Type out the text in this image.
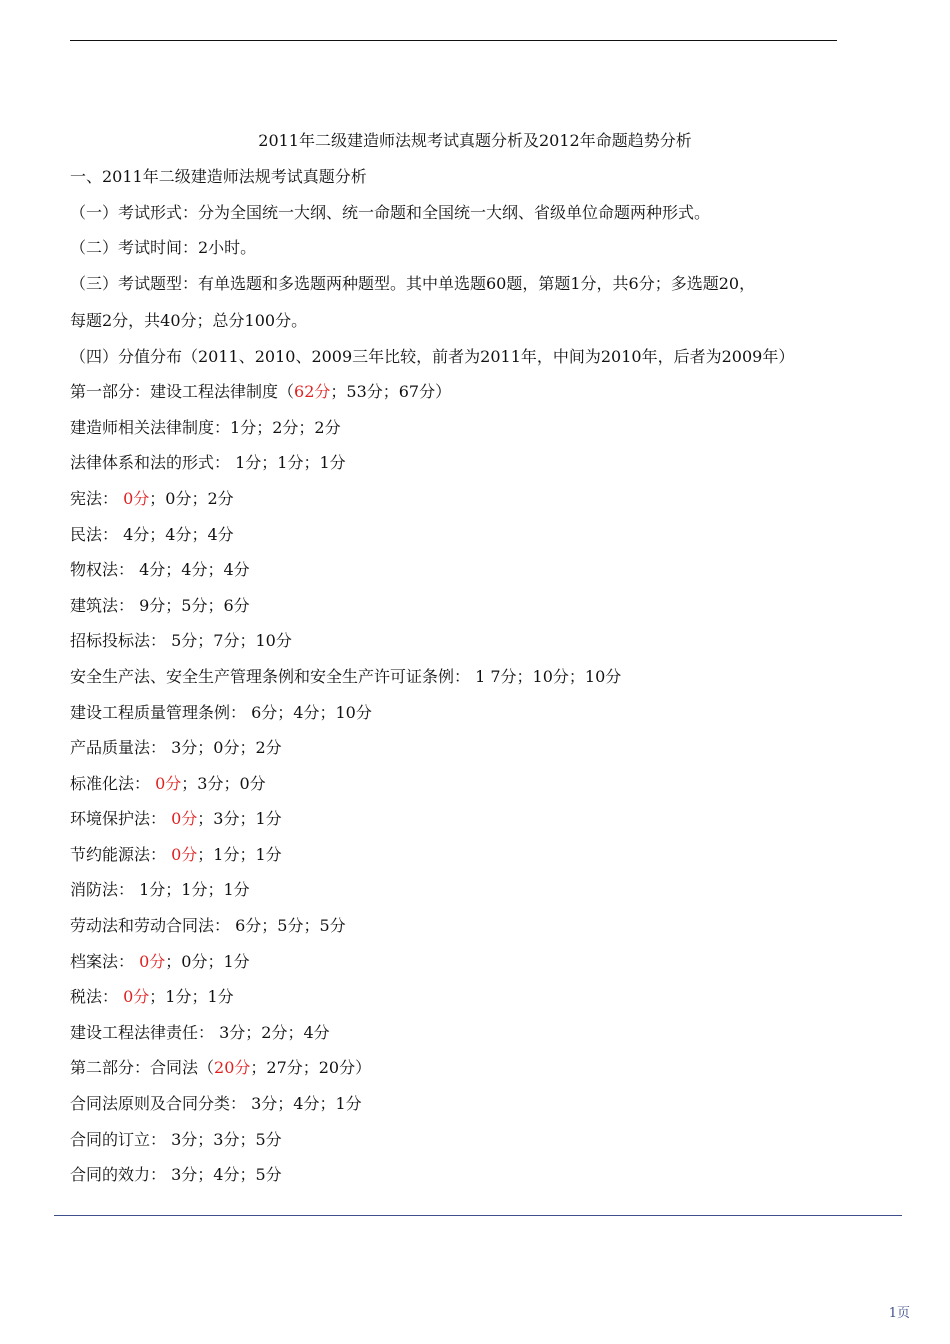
2011年二级建造师法规考试真题分析及2012年命题趋势分析
一、2011年二级建造师法规考试真题分析
（一）考试形式：分为全国统一大纲、统一命题和全国统一大纲、省级单位命题两种形式。
（二）考试时间：2小时。
（三）考试题型：有单选题和多选题两种题型。其中单选题60题，第题1分，共6分；多选题20，
每题2分，共40分；总分100分。
（四）分值分布（2011、2010、2009三年比较，前者为2011年，中间为2010年，后者为2009年）
第一部分：建设工程法律制度（62分；53分；67分）
建造师相关法律制度：1分；2分；2分
法律体系和法的形式： 1分；1分；1分
宪法： 0分；0分；2分
民法： 4分；4分；4分
物权法： 4分；4分；4分
建筑法： 9分；5分；6分
招标投标法： 5分；7分；10分
安全生产法、安全生产管理条例和安全生产许可证条例： 1 7分；10分；10分
建设工程质量管理条例： 6分；4分；10分
产品质量法： 3分；0分；2分
标准化法： 0分；3分；0分
环境保护法： 0分；3分；1分
节约能源法： 0分；1分；1分
消防法： 1分；1分；1分
劳动法和劳动合同法： 6分；5分；5分
档案法： 0分；0分；1分
税法： 0分；1分；1分
建设工程法律责任： 3分；2分；4分
第二部分：合同法（20分；27分；20分）
合同法原则及合同分类： 3分；4分；1分
合同的订立： 3分；3分；5分
合同的效力： 3分；4分；5分
1页
